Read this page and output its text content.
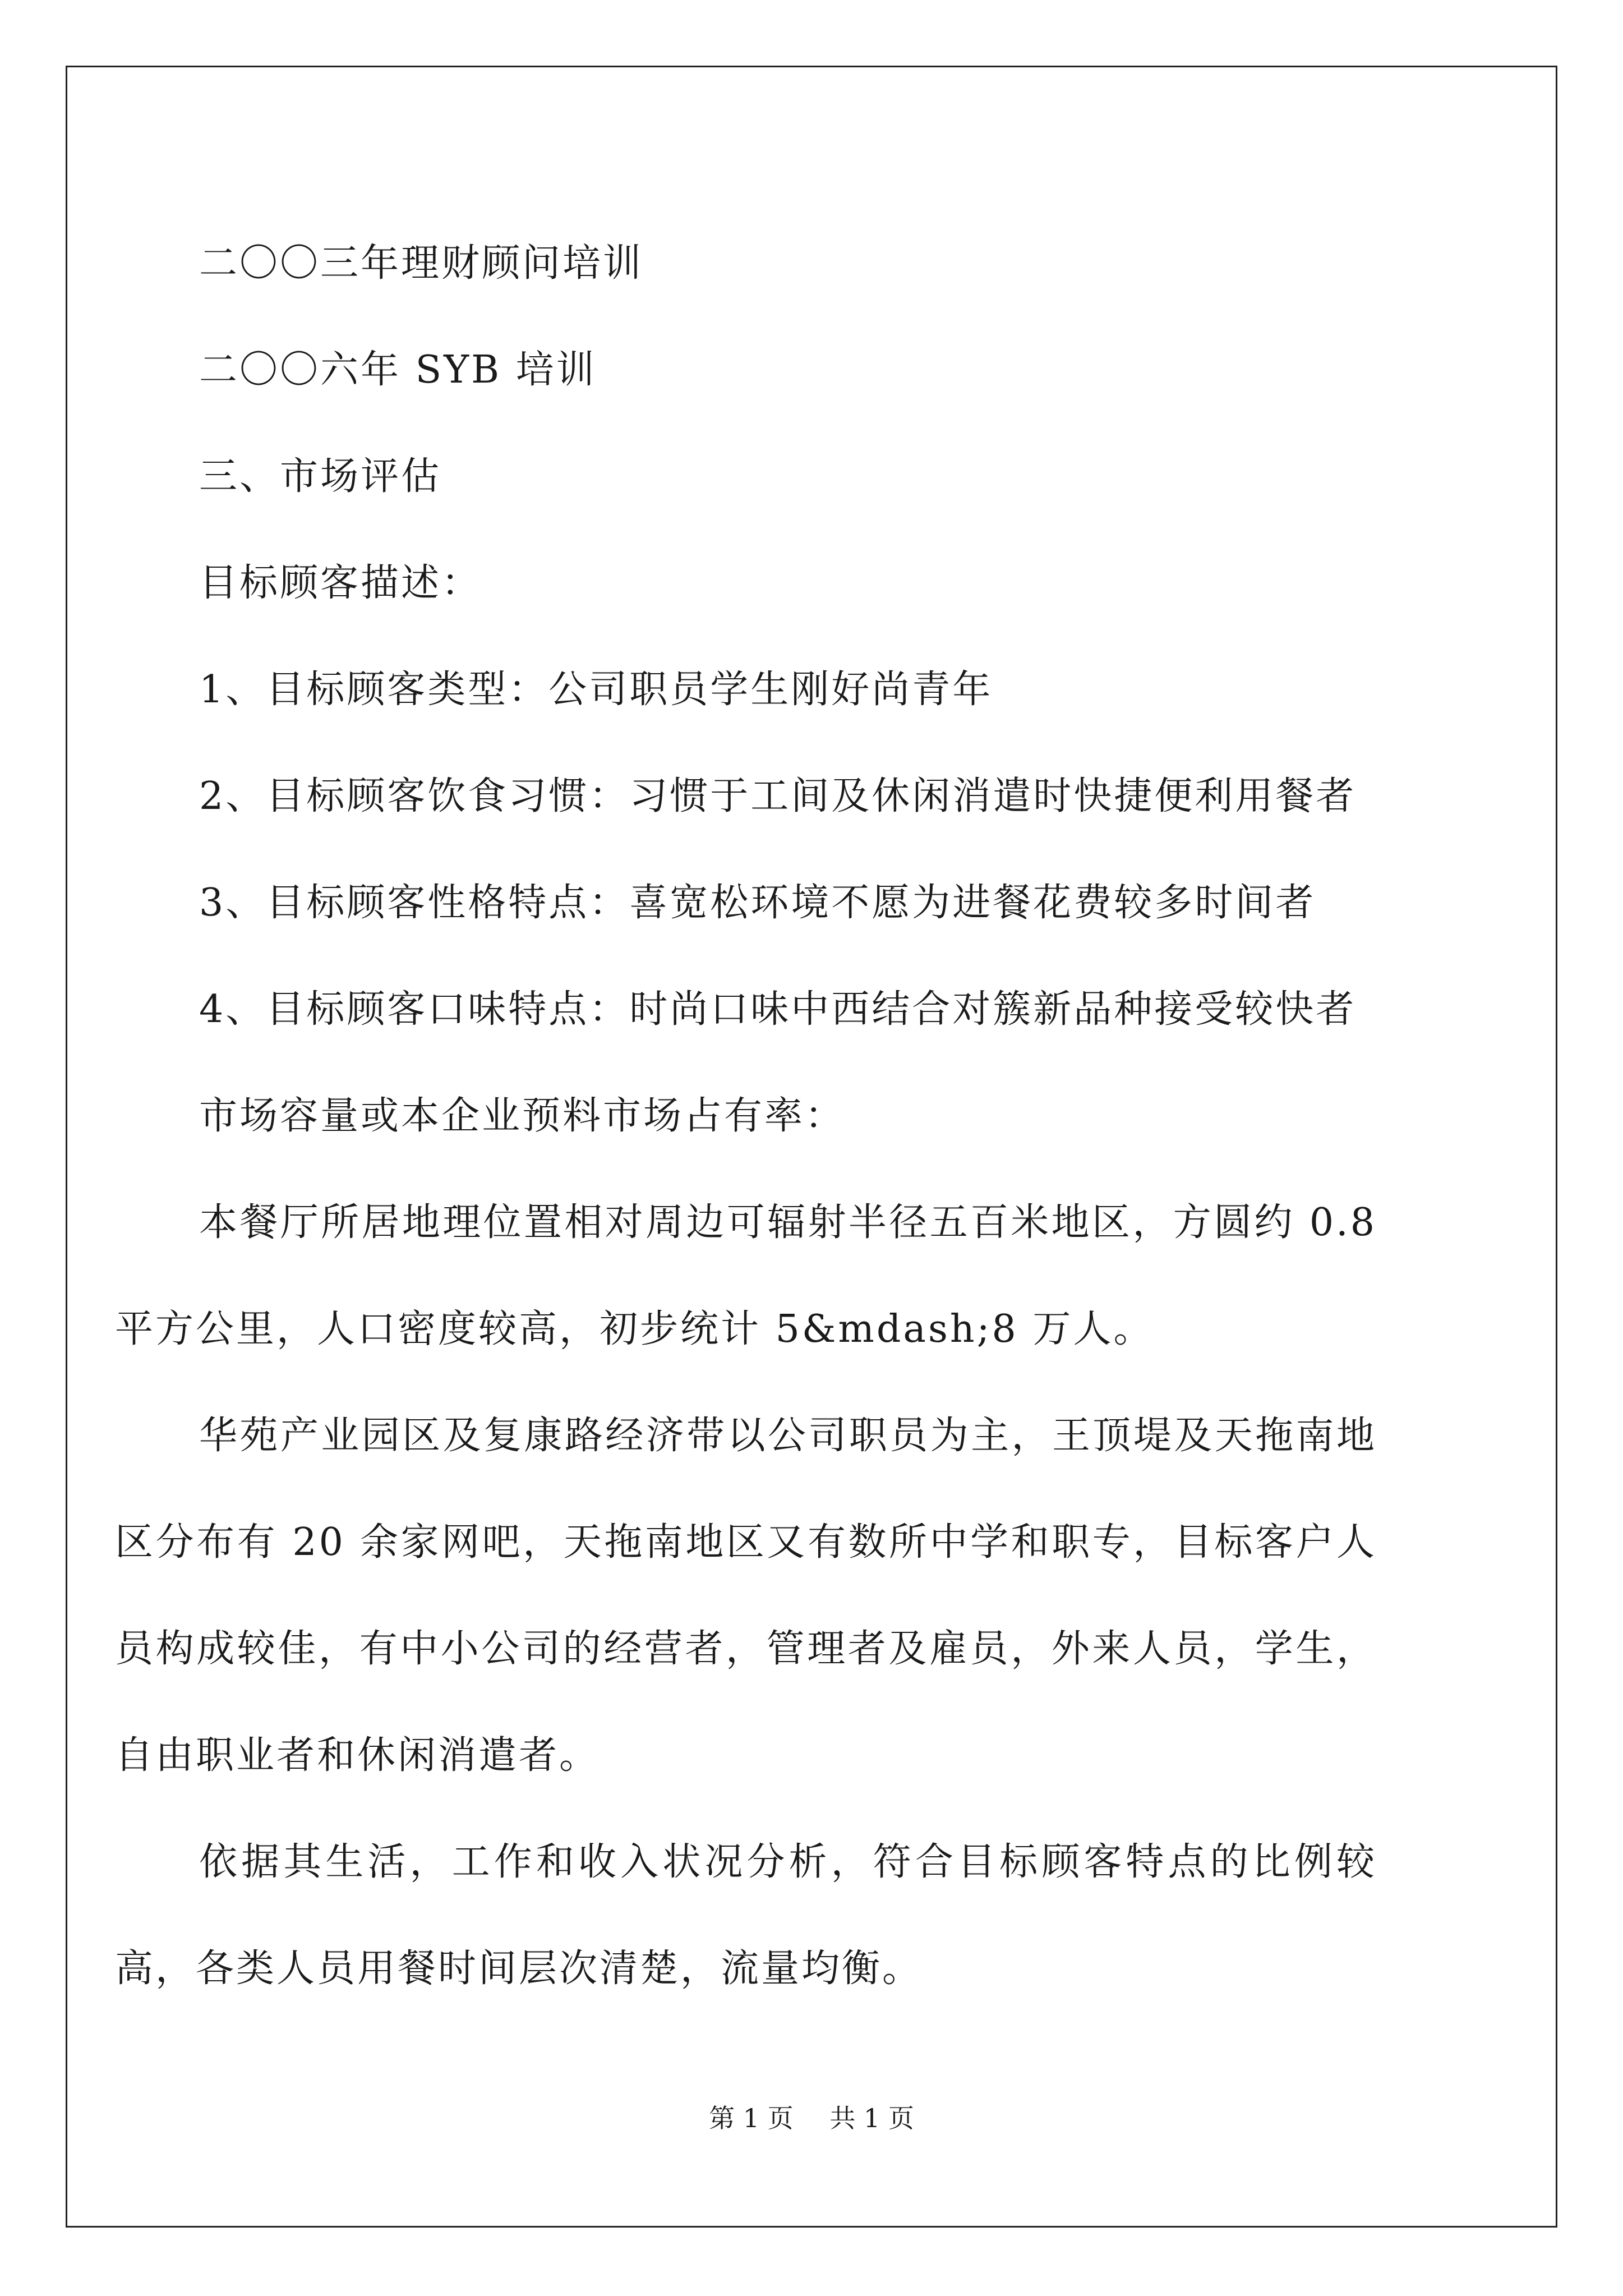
二〇〇三年理财顾问培训

二〇〇六年 SYB 培训

三、市场评估

目标顾客描述：

1、目标顾客类型：公司职员学生刚好尚青年

2、目标顾客饮食习惯：习惯于工间及休闲消遣时快捷便利用餐者

3、目标顾客性格特点：喜宽松环境不愿为进餐花费较多时间者

4、目标顾客口味特点：时尚口味中西结合对簇新品种接受较快者

市场容量或本企业预料市场占有率：

本餐厅所居地理位置相对周边可辐射半径五百米地区，方圆约 0.8 平方公里，人口密度较高，初步统计 5&mdash;8 万人。

华苑产业园区及复康路经济带以公司职员为主，王顶堤及天拖南地区分布有 20 余家网吧，天拖南地区又有数所中学和职专，目标客户人员构成较佳，有中小公司的经营者，管理者及雇员，外来人员，学生，自由职业者和休闲消遣者。

依据其生活，工作和收入状况分析，符合目标顾客特点的比例较高，各类人员用餐时间层次清楚，流量均衡。

第 1 页 共 1 页
